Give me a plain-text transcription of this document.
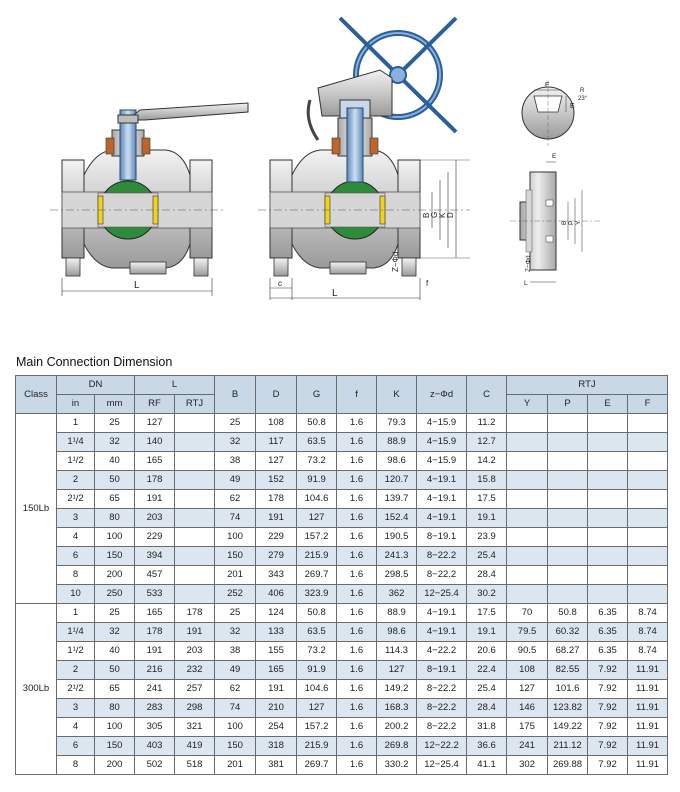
L
B G K D
Z−Φd
c	f
L
F
E
23°
R
B P Y
E
Z−Φd
L
Main Connection Dimension
Class	DN		L		B	D	G	f	K	z−Φd	C	RTJ			
	in	mm	RF	RTJ								Y	P	E	F
150Lb	1	25	127		25	108	50.8	1.6	79.3	4−15.9	11.2				
	1¹/4	32	140		32	117	63.5	1.6	88.9	4−15.9	12.7				
	1¹/2	40	165		38	127	73.2	1.6	98.6	4−15.9	14.2				
	2	50	178		49	152	91.9	1.6	120.7	4−19.1	15.8				
	2¹/2	65	191		62	178	104.6	1.6	139.7	4−19.1	17.5				
	3	80	203		74	191	127	1.6	152.4	4−19.1	19.1				
	4	100	229		100	229	157.2	1.6	190.5	8−19.1	23.9				
	6	150	394		150	279	215.9	1.6	241.3	8−22.2	25.4				
	8	200	457		201	343	269.7	1.6	298.5	8−22.2	28.4				
	10	250	533		252	406	323.9	1.6	362	12−25.4	30.2				
300Lb	1	25	165	178	25	124	50.8	1.6	88.9	4−19.1	17.5	70	50.8	6.35	8.74
	1¹/4	32	178	191	32	133	63.5	1.6	98.6	4−19.1	19.1	79.5	60.32	6.35	8.74
	1¹/2	40	191	203	38	155	73.2	1.6	114.3	4−22.2	20.6	90.5	68.27	6.35	8.74
	2	50	216	232	49	165	91.9	1.6	127	8−19.1	22.4	108	82.55	7.92	11.91
	2¹/2	65	241	257	62	191	104.6	1.6	149.2	8−22.2	25.4	127	101.6	7.92	11.91
	3	80	283	298	74	210	127	1.6	168.3	8−22.2	28.4	146	123.82	7.92	11.91
	4	100	305	321	100	254	157.2	1.6	200.2	8−22.2	31.8	175	149.22	7.92	11.91
	6	150	403	419	150	318	215.9	1.6	269.8	12−22.2	36.6	241	211.12	7.92	11.91
	8	200	502	518	201	381	269.7	1.6	330.2	12−25.4	41.1	302	269.88	7.92	11.91
